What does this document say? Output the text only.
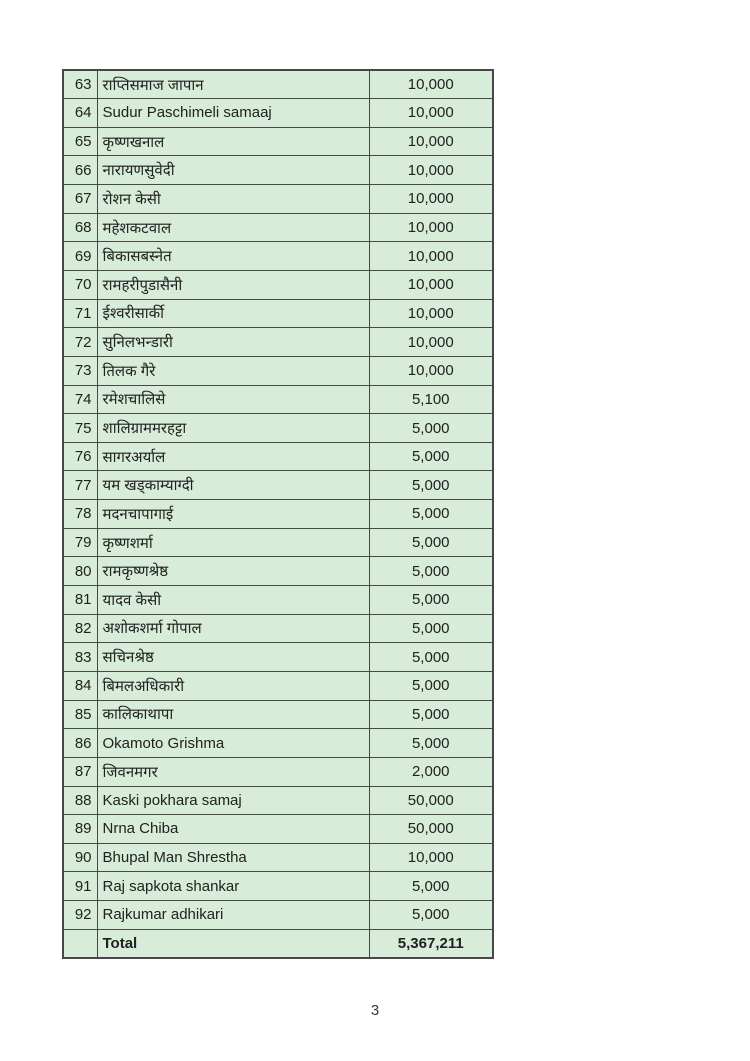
63	राप्तिसमाज जापान	10,000
64	Sudur Paschimeli samaaj	10,000
65	कृष्णखनाल	10,000
66	नारायणसुवेदी	10,000
67	रोशन केसी	10,000
68	महेशकटवाल	10,000
69	बिकासबस्नेत	10,000
70	रामहरीपुडासैनी	10,000
71	ईश्वरीसार्की	10,000
72	सुनिलभन्डारी	10,000
73	तिलक गैरे	10,000
74	रमेशचालिसे	5,100
75	शालिग्राममरहट्टा	5,000
76	सागरअर्याल	5,000
77	यम खड्काम्याग्दी	5,000
78	मदनचापागाई	5,000
79	कृष्णशर्मा	5,000
80	रामकृष्णश्रेष्ठ	5,000
81	यादव केसी	5,000
82	अशोकशर्मा गोपाल	5,000
83	सचिनश्रेष्ठ	5,000
84	बिमलअधिकारी	5,000
85	कालिकाथापा	5,000
86	Okamoto Grishma	5,000
87	जिवनमगर	2,000
88	Kaski pokhara samaj	50,000
89	Nrna Chiba	50,000
90	Bhupal Man Shrestha	10,000
91	Raj sapkota shankar	5,000
92	Rajkumar adhikari	5,000
	Total	5,367,211
3
